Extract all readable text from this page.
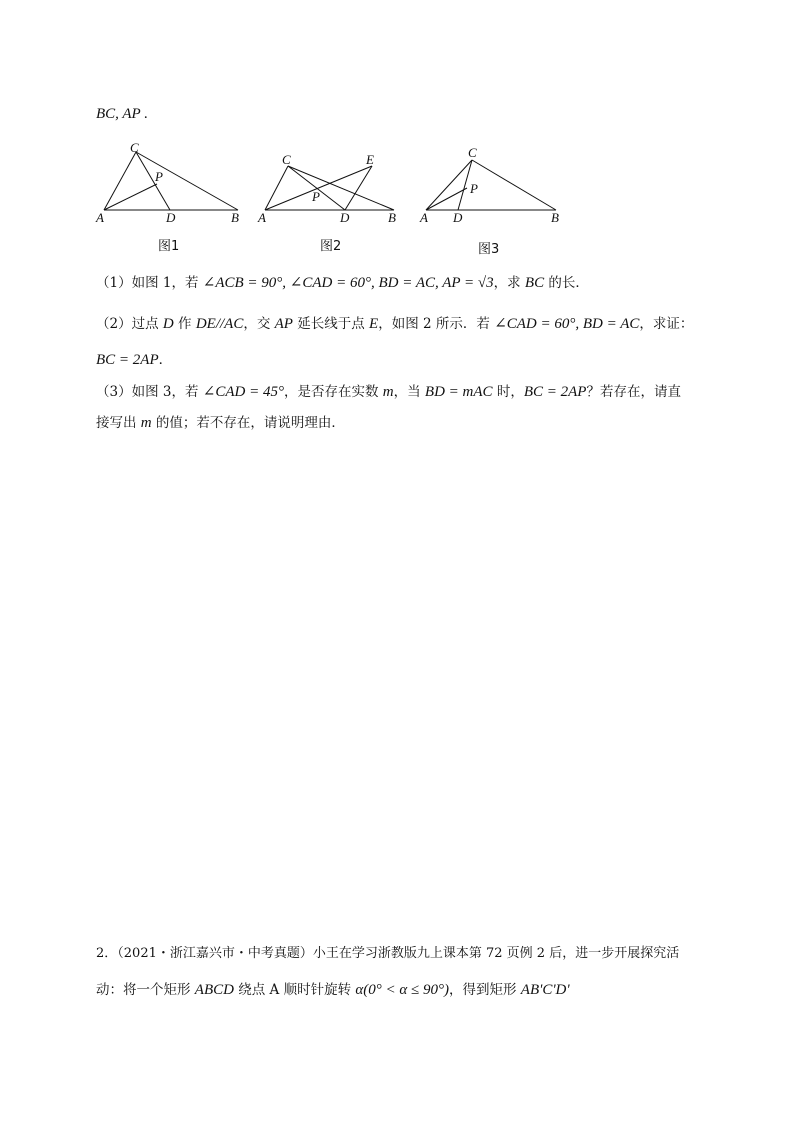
BC, AP .
C
P
A	D	B
C	E
P
A	D	B
C
P
A D	B
图1	图2	图3
（1）如图 1，若 ∠ACB = 90°, ∠CAD = 60°, BD = AC, AP = √3，求 BC 的长．
（2）过点 D 作 DE//AC，交 AP 延长线于点 E，如图 2 所示．若 ∠CAD = 60°, BD = AC，求证：
BC = 2AP．
（3）如图 3，若 ∠CAD = 45°，是否存在实数 m，当 BD = mAC 时，BC = 2AP？若存在，请直
接写出 m 的值；若不存在，请说明理由．
2．（2021・浙江嘉兴市・中考真题）小王在学习浙教版九上课本第 72 页例 2 后，进一步开展探究活
动：将一个矩形 ABCD 绕点 A 顺时针旋转 α(0° < α ≤ 90°)，得到矩形 AB'C'D'
